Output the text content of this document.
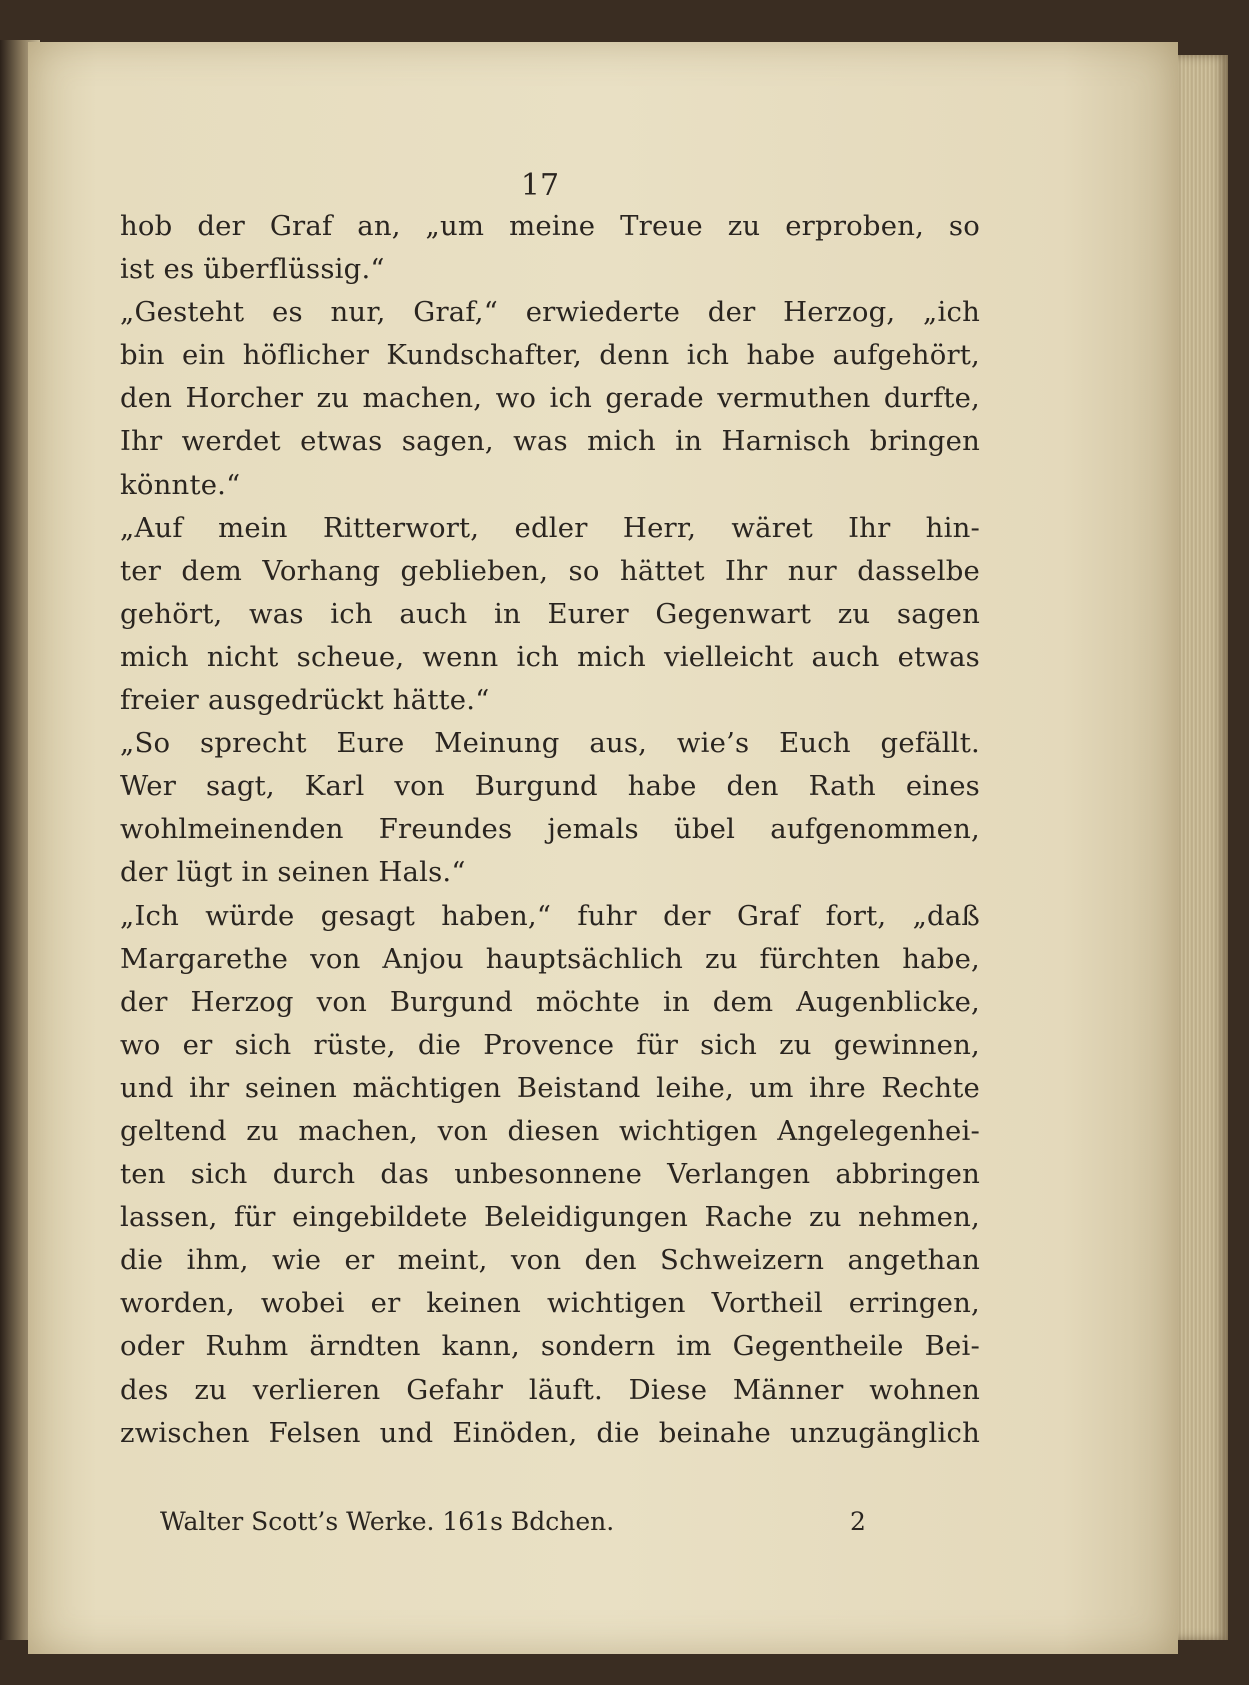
17
hob der Graf an, „um meine Treue zu erproben, so
ist es überflüssig.“
„Gesteht es nur, Graf,“ erwiederte der Herzog, „ich
bin ein höflicher Kundschafter, denn ich habe aufgehört,
den Horcher zu machen, wo ich gerade vermuthen durfte,
Ihr werdet etwas sagen, was mich in Harnisch bringen
könnte.“
„Auf mein Ritterwort, edler Herr, wäret Ihr hin-
ter dem Vorhang geblieben, so hättet Ihr nur dasselbe
gehört, was ich auch in Eurer Gegenwart zu sagen
mich nicht scheue, wenn ich mich vielleicht auch etwas
freier ausgedrückt hätte.“
„So sprecht Eure Meinung aus, wie’s Euch gefällt.
Wer sagt, Karl von Burgund habe den Rath eines
wohlmeinenden Freundes jemals übel aufgenommen,
der lügt in seinen Hals.“
„Ich würde gesagt haben,“ fuhr der Graf fort, „daß
Margarethe von Anjou hauptsächlich zu fürchten habe,
der Herzog von Burgund möchte in dem Augenblicke,
wo er sich rüste, die Provence für sich zu gewinnen,
und ihr seinen mächtigen Beistand leihe, um ihre Rechte
geltend zu machen, von diesen wichtigen Angelegenhei-
ten sich durch das unbesonnene Verlangen abbringen
lassen, für eingebildete Beleidigungen Rache zu nehmen,
die ihm, wie er meint, von den Schweizern angethan
worden, wobei er keinen wichtigen Vortheil erringen,
oder Ruhm ärndten kann, sondern im Gegentheile Bei-
des zu verlieren Gefahr läuft. Diese Männer wohnen
zwischen Felsen und Einöden, die beinahe unzugänglich
Walter Scott’s Werke. 161s Bdchen.	2
